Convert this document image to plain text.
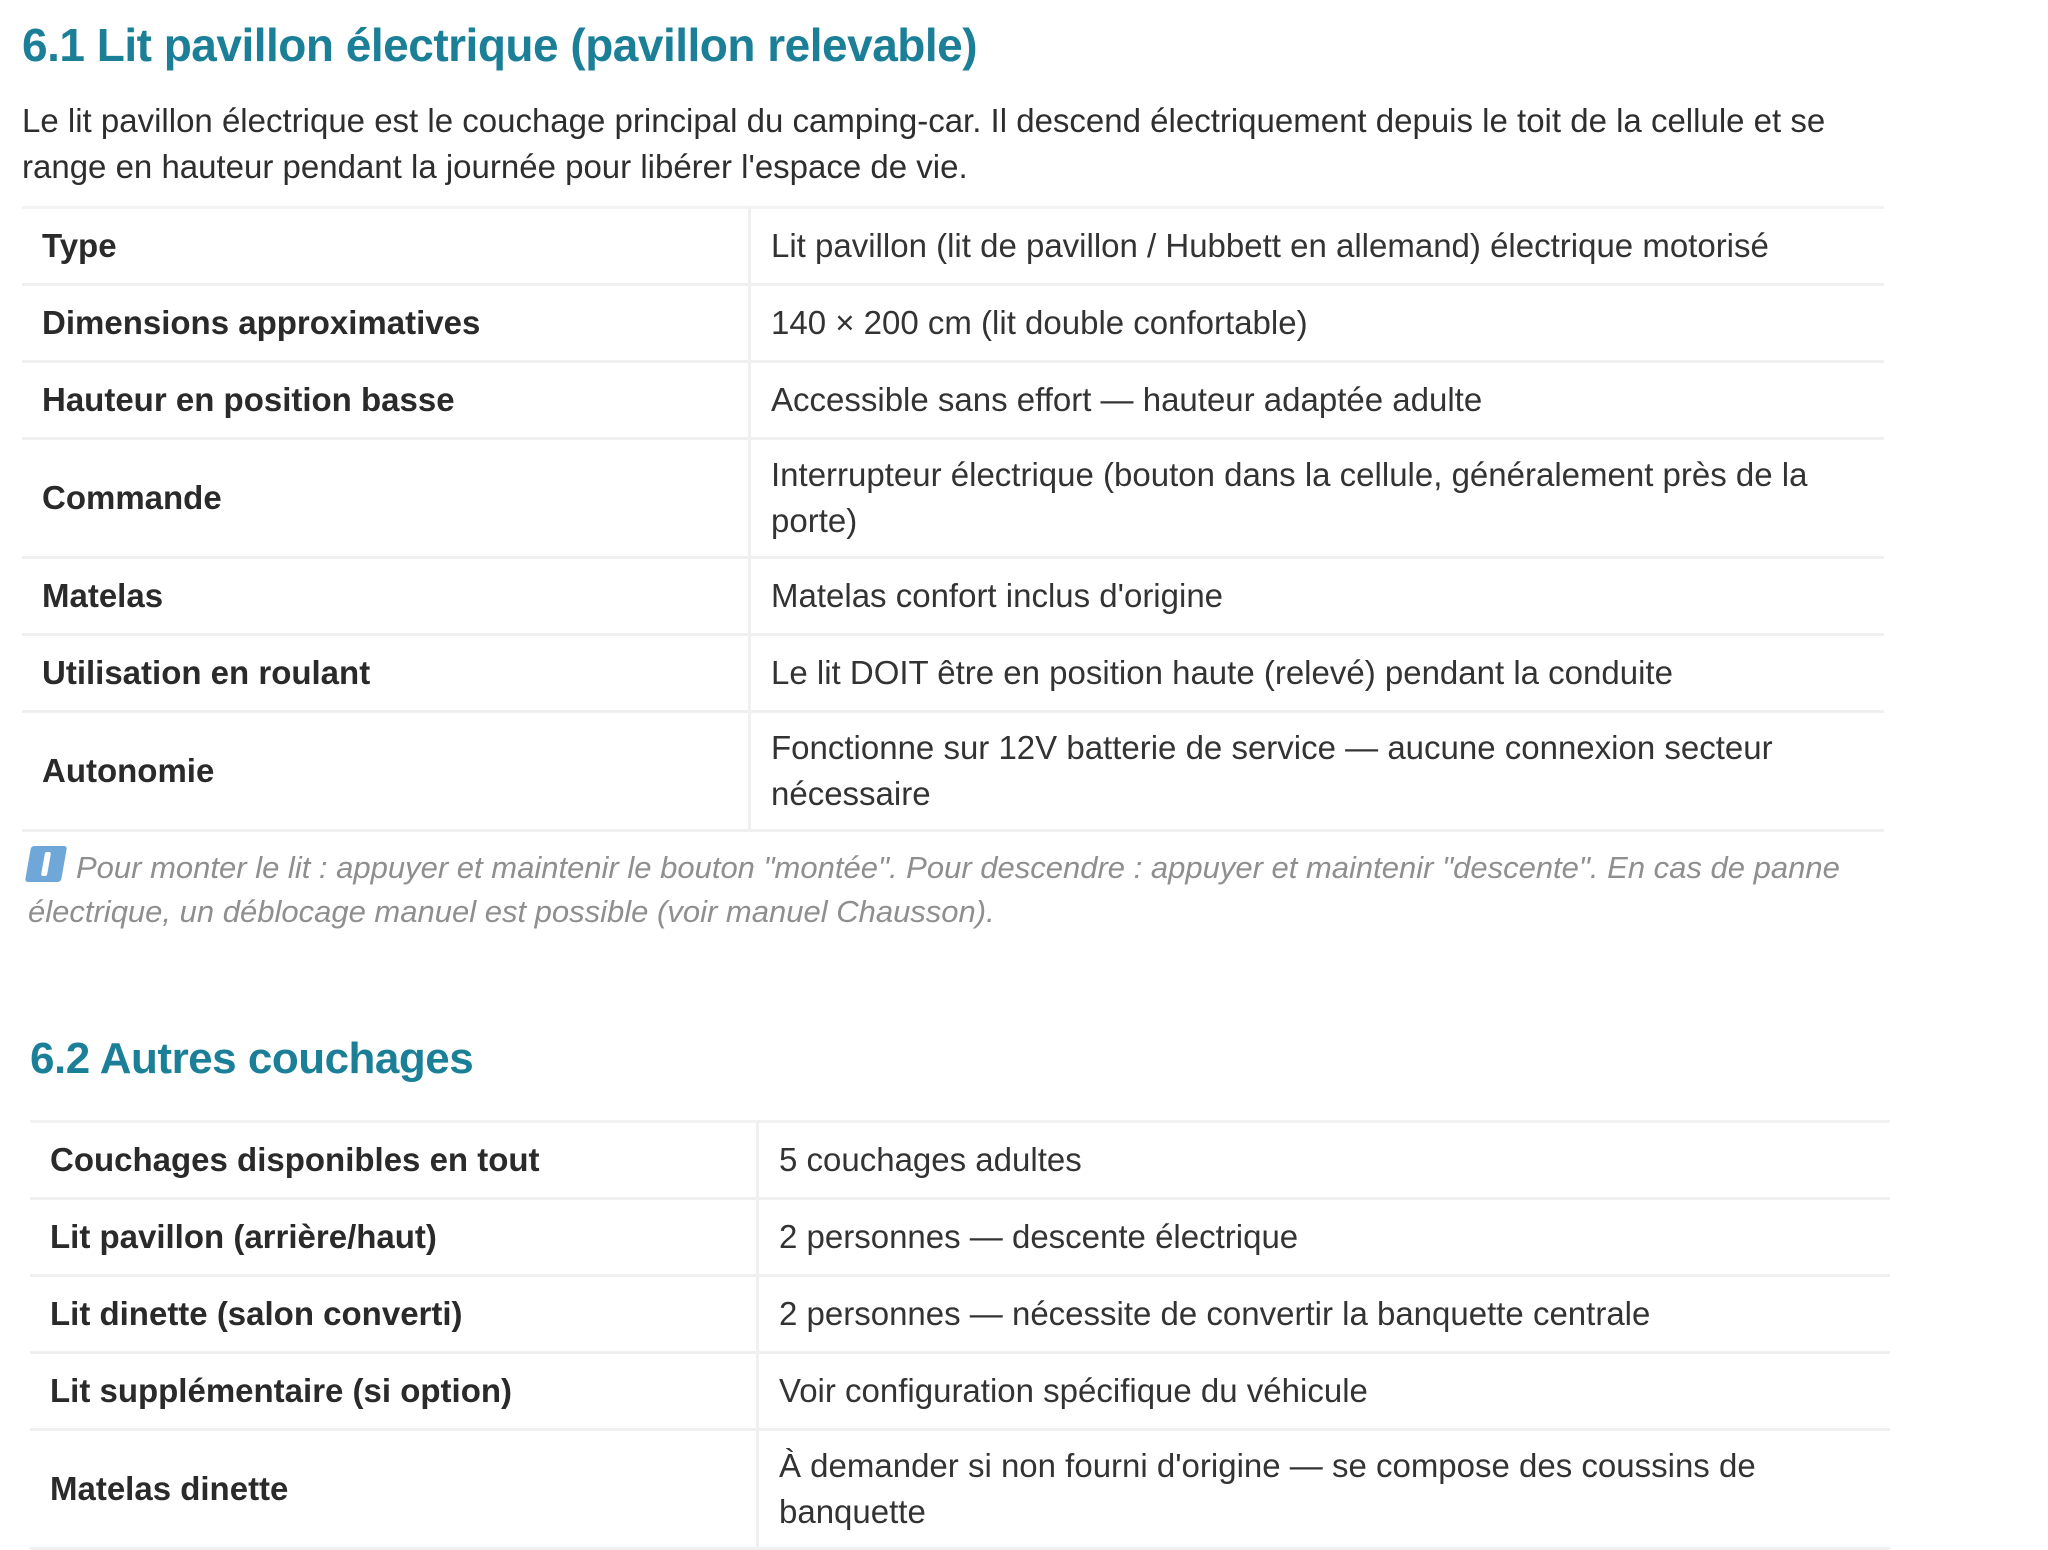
6.1 Lit pavillon électrique (pavillon relevable)

Le lit pavillon électrique est le couchage principal du camping-car. Il descend électriquement depuis le toit de la cellule et se range en hauteur pendant la journée pour libérer l'espace de vie.

Type	Lit pavillon (lit de pavillon / Hubbett en allemand) électrique motorisé
Dimensions approximatives	140 × 200 cm (lit double confortable)
Hauteur en position basse	Accessible sans effort — hauteur adaptée adulte
Commande	Interrupteur électrique (bouton dans la cellule, généralement près de la porte)
Matelas	Matelas confort inclus d'origine
Utilisation en roulant	Le lit DOIT être en position haute (relevé) pendant la conduite
Autonomie	Fonctionne sur 12V batterie de service — aucune connexion secteur nécessaire

Pour monter le lit : appuyer et maintenir le bouton "montée". Pour descendre : appuyer et maintenir "descente". En cas de panne électrique, un déblocage manuel est possible (voir manuel Chausson).

6.2 Autres couchages
Couchages disponibles en tout	5 couchages adultes
Lit pavillon (arrière/haut)	2 personnes — descente électrique
Lit dinette (salon converti)	2 personnes — nécessite de convertir la banquette centrale
Lit supplémentaire (si option)	Voir configuration spécifique du véhicule
Matelas dinette	À demander si non fourni d'origine — se compose des coussins de banquette
